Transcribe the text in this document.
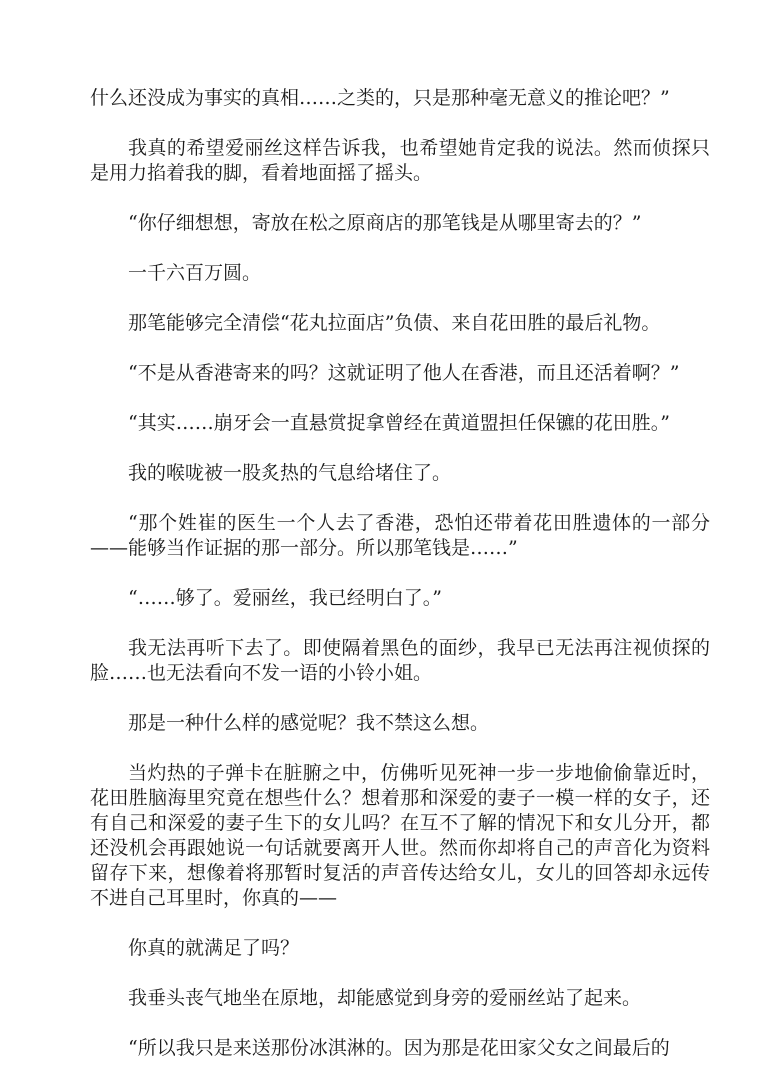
什么还没成为事实的真相……之类的，只是那种毫无意义的推论吧？”

我真的希望爱丽丝这样告诉我，也希望她肯定我的说法。然而侦探只是用力掐着我的脚，看着地面摇了摇头。

“你仔细想想，寄放在松之原商店的那笔钱是从哪里寄去的？”

一千六百万圆。

那笔能够完全清偿“花丸拉面店”负债、来自花田胜的最后礼物。

“不是从香港寄来的吗？这就证明了他人在香港，而且还活着啊？”

“其实……崩牙会一直悬赏捉拿曾经在黄道盟担任保镳的花田胜。”

我的喉咙被一股炙热的气息给堵住了。

“那个姓崔的医生一个人去了香港，恐怕还带着花田胜遗体的一部分——能够当作证据的那一部分。所以那笔钱是……”

“……够了。爱丽丝，我已经明白了。”

我无法再听下去了。即使隔着黑色的面纱，我早已无法再注视侦探的脸……也无法看向不发一语的小铃小姐。

那是一种什么样的感觉呢？我不禁这么想。

当灼热的子弹卡在脏腑之中，仿佛听见死神一步一步地偷偷靠近时，花田胜脑海里究竟在想些什么？想着那和深爱的妻子一模一样的女子，还有自己和深爱的妻子生下的女儿吗？在互不了解的情况下和女儿分开，都还没机会再跟她说一句话就要离开人世。然而你却将自己的声音化为资料留存下来，想像着将那暂时复活的声音传达给女儿，女儿的回答却永远传不进自己耳里时，你真的——

你真的就满足了吗？

我垂头丧气地坐在原地，却能感觉到身旁的爱丽丝站了起来。

“所以我只是来送那份冰淇淋的。因为那是花田家父女之间最后的
